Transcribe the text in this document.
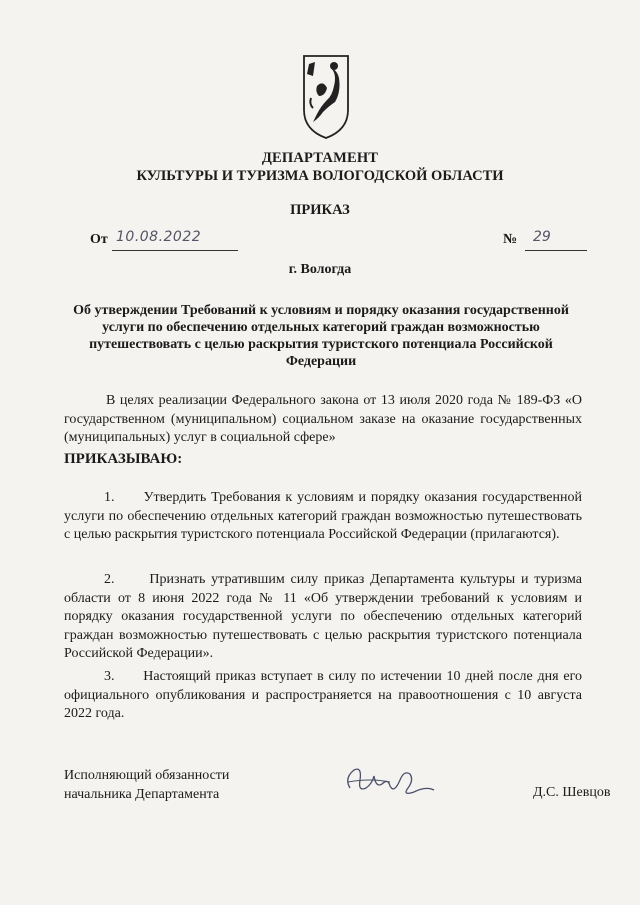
ДЕПАРТАМЕНТ
КУЛЬТУРЫ И ТУРИЗМА ВОЛОГОДСКОЙ ОБЛАСТИ
ПРИКАЗ
От 10.08.2022	№ 29
г. Вологда
Об утверждении Требований к условиям и порядку оказания государственной услуги по обеспечению отдельных категорий граждан возможностью путешествовать с целью раскрытия туристского потенциала Российской Федерации
В целях реализации Федерального закона от 13 июля 2020 года № 189-ФЗ «О государственном (муниципальном) социальном заказе на оказание государственных (муниципальных) услуг в социальной сфере»
ПРИКАЗЫВАЮ:
1.      Утвердить Требования к условиям и порядку оказания государственной услуги по обеспечению отдельных категорий граждан возможностью путешествовать с целью раскрытия туристского потенциала Российской Федерации (прилагаются).
2.      Признать утратившим силу приказ Департамента культуры и туризма области от 8 июня 2022 года № 11 «Об утверждении требований к условиям и порядку оказания государственной услуги по обеспечению отдельных категорий граждан возможностью путешествовать с целью раскрытия туристского потенциала Российской Федерации».
3.      Настоящий приказ вступает в силу по истечении 10 дней после дня его официального опубликования и распространяется на правоотношения с 10 августа 2022 года.
Исполняющий обязанности
начальника Департамента	Д.С. Шевцов
